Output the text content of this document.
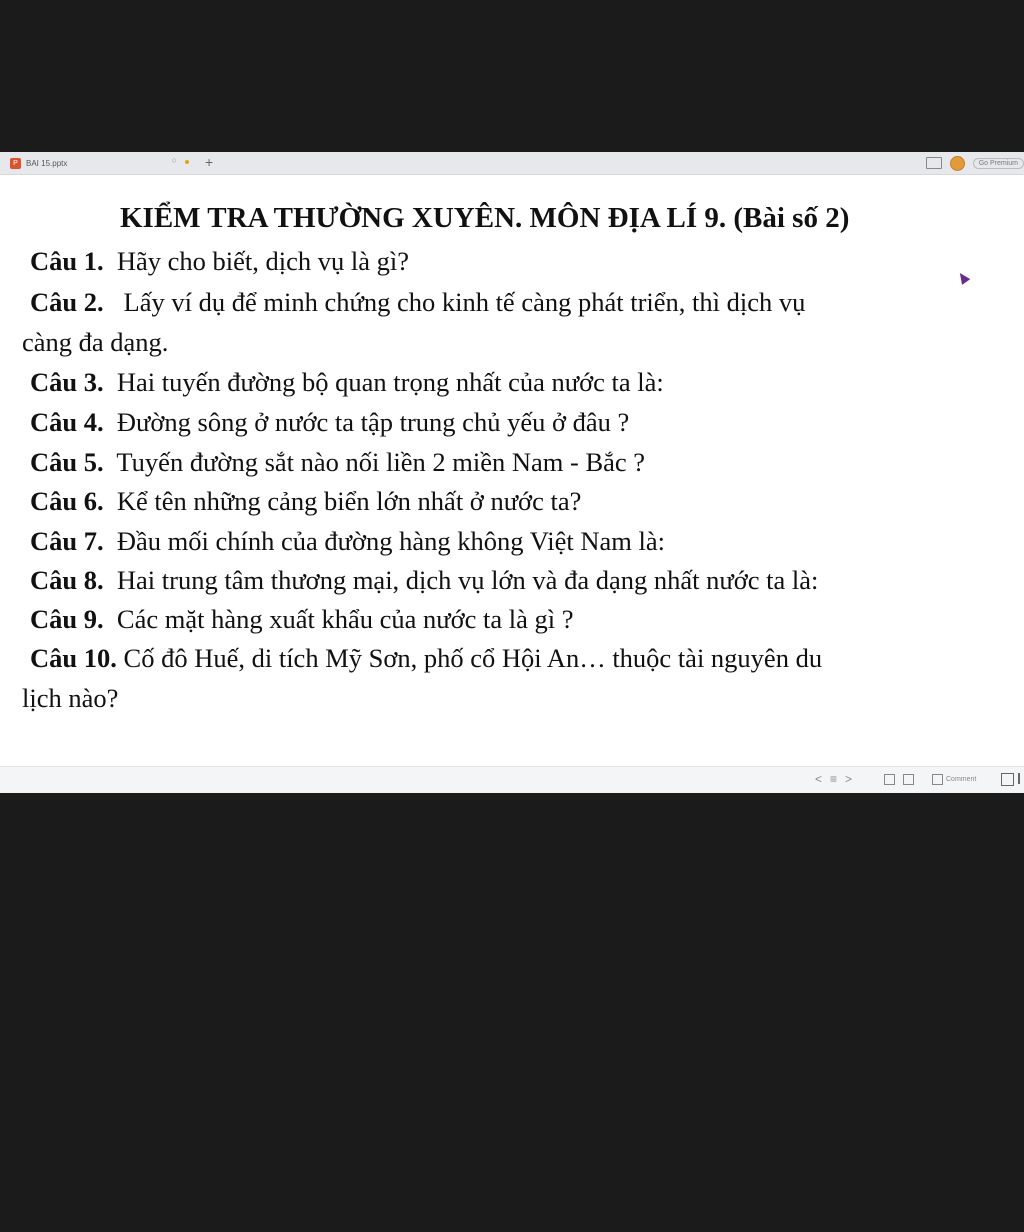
P	BAI 15.pptx	○ +	Go Premium
KIỂM TRA THƯỜNG XUYÊN. MÔN ĐỊA LÍ 9. (Bài số 2)
Câu 1. Hãy cho biết, dịch vụ là gì?
Câu 2. Lấy ví dụ để minh chứng cho kinh tế càng phát triển, thì dịch vụ
càng đa dạng.
Câu 3. Hai tuyến đường bộ quan trọng nhất của nước ta là:
Câu 4. Đường sông ở nước ta tập trung chủ yếu ở đâu ?
Câu 5. Tuyến đường sắt nào nối liền 2 miền Nam - Bắc ?
Câu 6. Kể tên những cảng biển lớn nhất ở nước ta?
Câu 7. Đầu mối chính của đường hàng không Việt Nam là:
Câu 8. Hai trung tâm thương mại, dịch vụ lớn và đa dạng nhất nước ta là:
Câu 9. Các mặt hàng xuất khẩu của nước ta là gì ?
Câu 10. Cố đô Huế, di tích Mỹ Sơn, phố cổ Hội An… thuộc tài nguyên du
lịch nào?
< ≡ >	Comment
